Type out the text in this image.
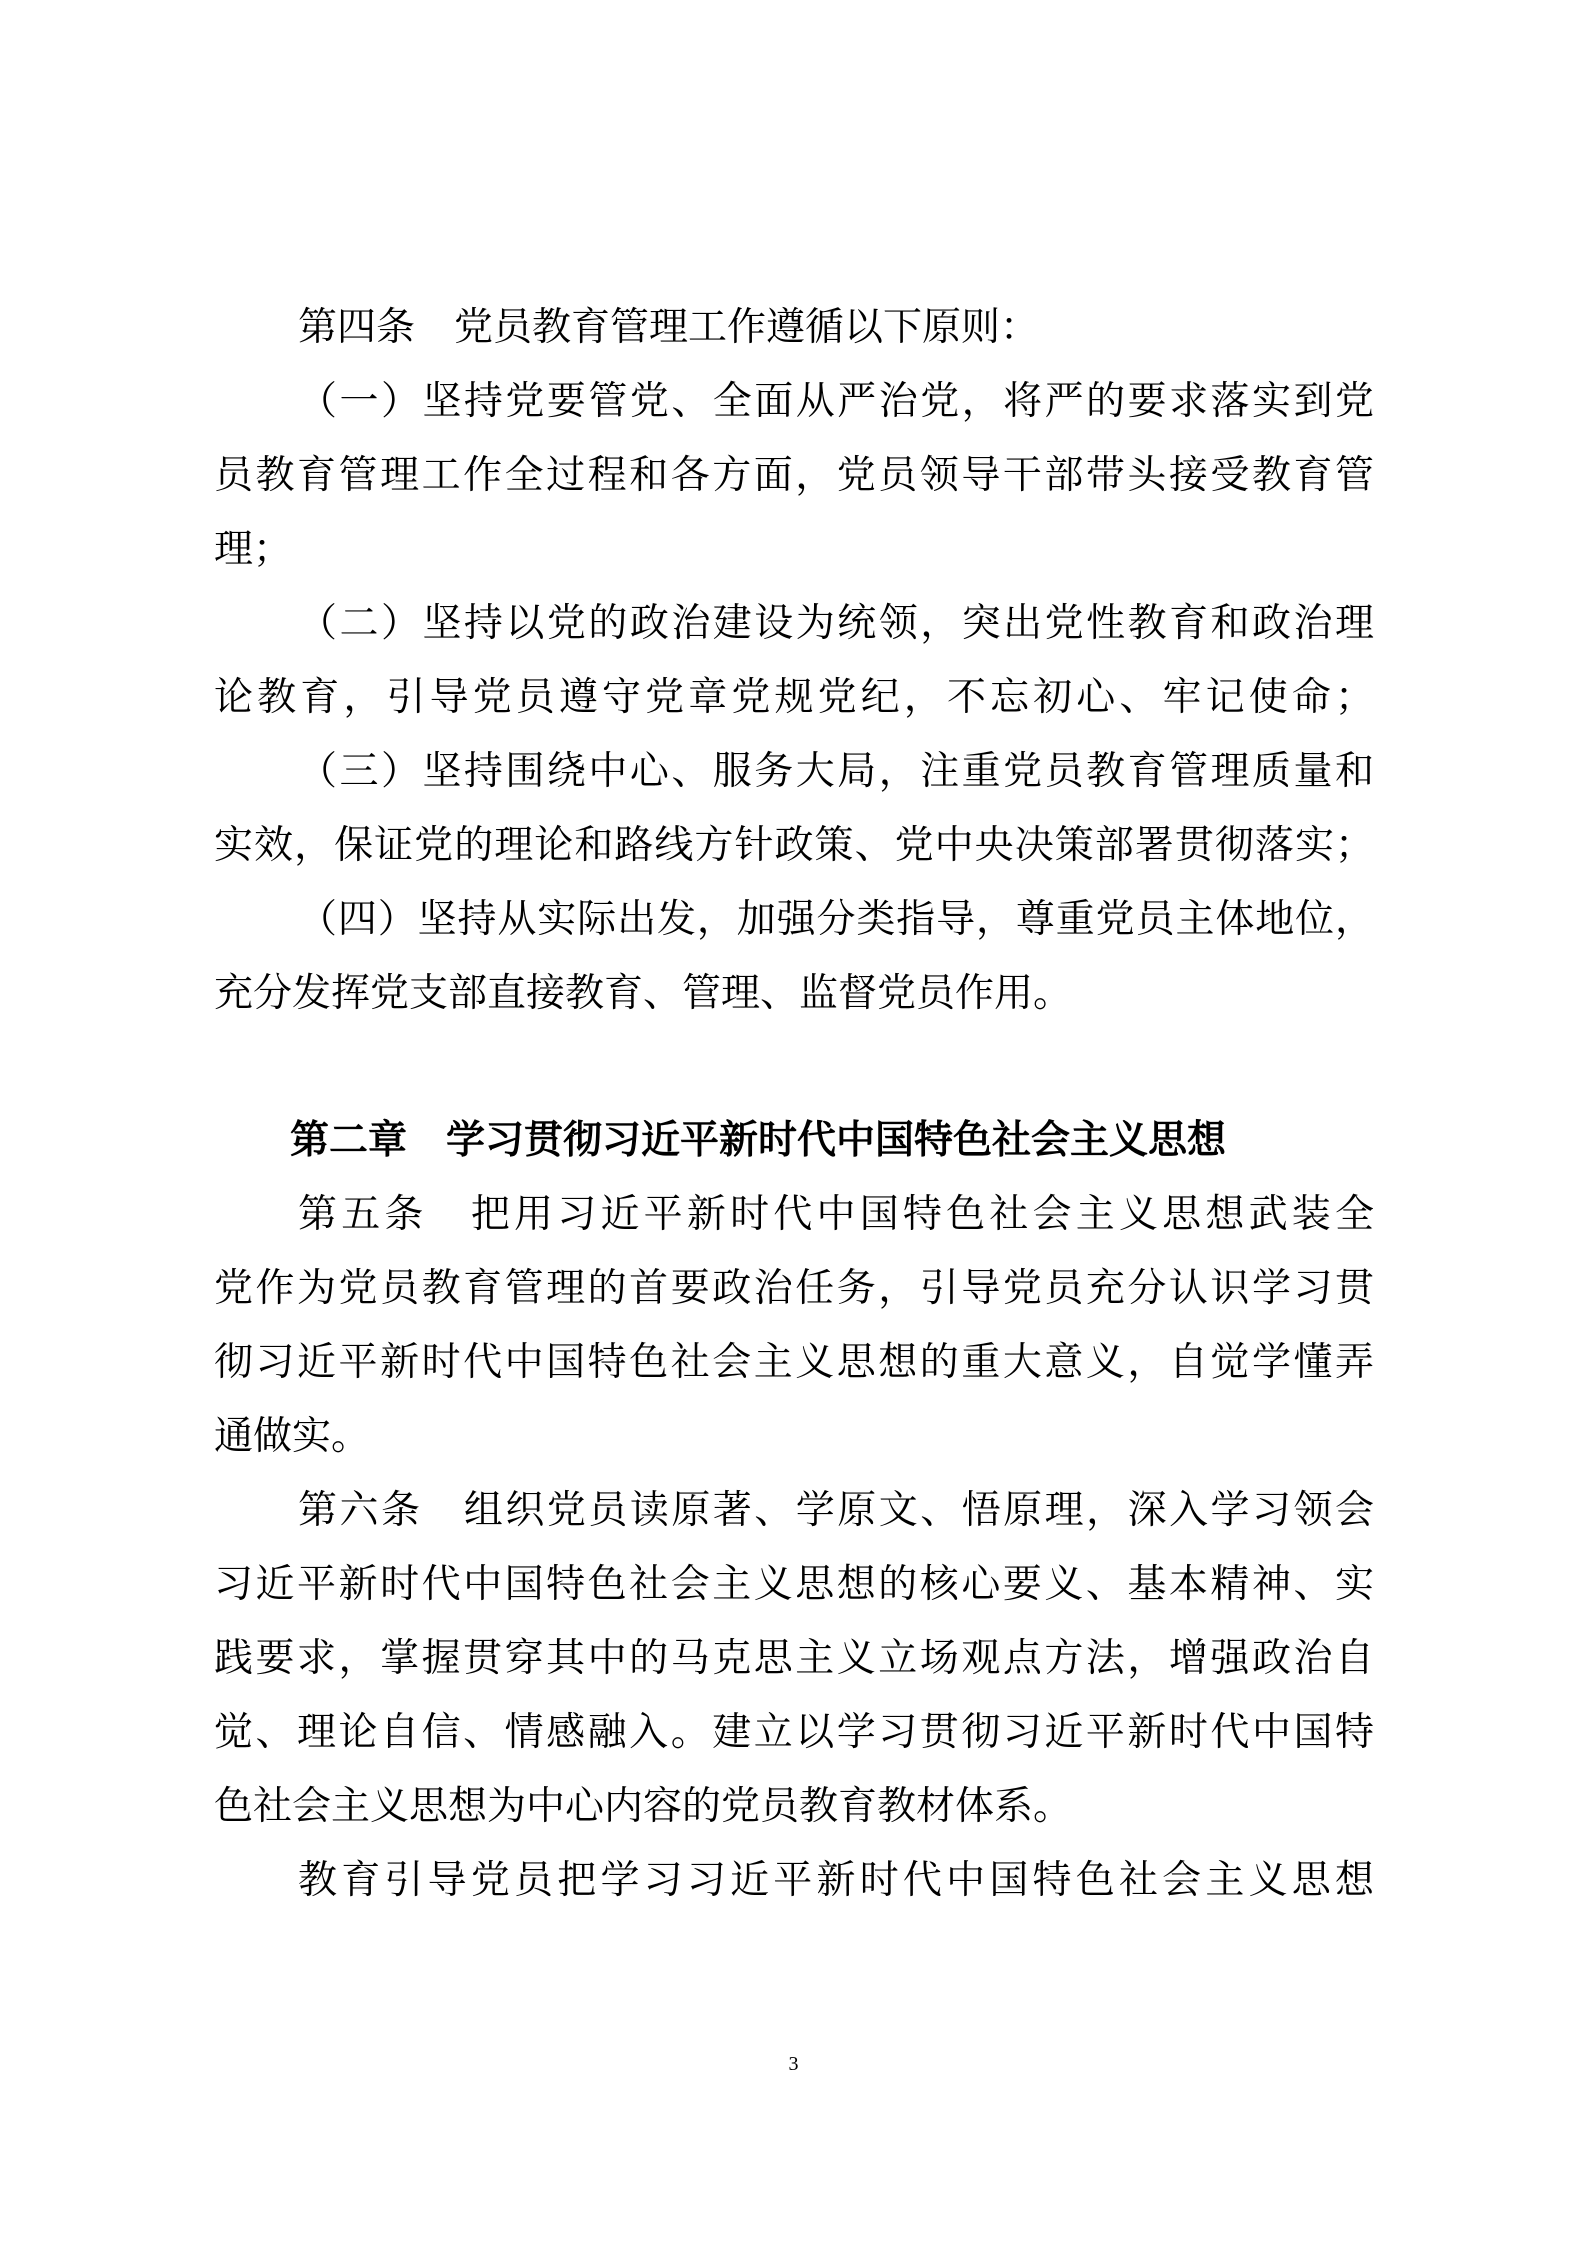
第四条　党员教育管理工作遵循以下原则：
（一）坚持党要管党、全面从严治党，将严的要求落实到党
员教育管理工作全过程和各方面，党员领导干部带头接受教育管
理；
（二）坚持以党的政治建设为统领，突出党性教育和政治理
论教育，引导党员遵守党章党规党纪，不忘初心、牢记使命；
（三）坚持围绕中心、服务大局，注重党员教育管理质量和
实效，保证党的理论和路线方针政策、党中央决策部署贯彻落实；
（四）坚持从实际出发，加强分类指导，尊重党员主体地位，
充分发挥党支部直接教育、管理、监督党员作用。
第二章　学习贯彻习近平新时代中国特色社会主义思想
第五条　把用习近平新时代中国特色社会主义思想武装全
党作为党员教育管理的首要政治任务，引导党员充分认识学习贯
彻习近平新时代中国特色社会主义思想的重大意义，自觉学懂弄
通做实。
第六条　组织党员读原著、学原文、悟原理，深入学习领会
习近平新时代中国特色社会主义思想的核心要义、基本精神、实
践要求，掌握贯穿其中的马克思主义立场观点方法，增强政治自
觉、理论自信、情感融入。建立以学习贯彻习近平新时代中国特
色社会主义思想为中心内容的党员教育教材体系。
教育引导党员把学习习近平新时代中国特色社会主义思想
3
